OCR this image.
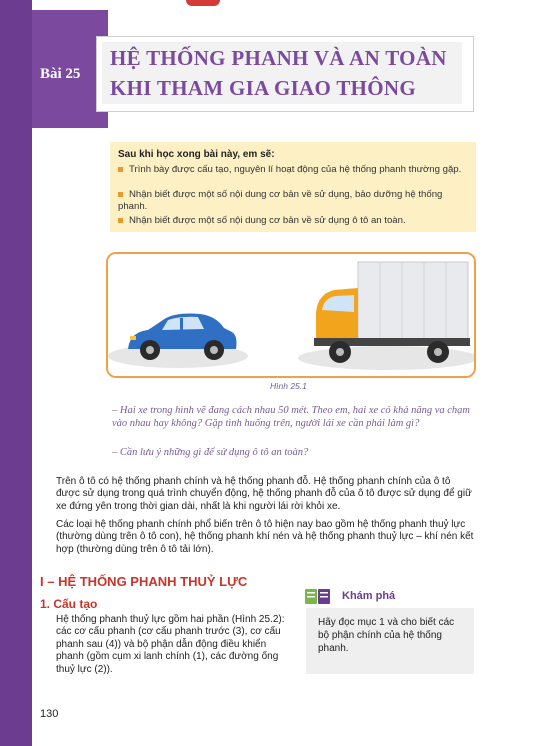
Bài 25
HỆ THỐNG PHANH VÀ AN TOÀN
KHI THAM GIA GIAO THÔNG
Sau khi học xong bài này, em sẽ:
Trình bày được cấu tạo, nguyên lí hoạt động của hệ thống phanh thường gặp.
Nhận biết được một số nội dung cơ bản về sử dụng, bảo dưỡng hệ thống phanh.
Nhận biết được một số nội dung cơ bản về sử dụng ô tô an toàn.
Hình 25.1
– Hai xe trong hình vẽ đang cách nhau 50 mét. Theo em, hai xe có khả năng va chạm vào nhau hay không? Gặp tình huống trên, người lái xe cần phải làm gì?
– Cần lưu ý những gì để sử dụng ô tô an toàn?
Trên ô tô có hệ thống phanh chính và hệ thống phanh đỗ. Hệ thống phanh chính của ô tô được sử dụng trong quá trình chuyển động, hệ thống phanh đỗ của ô tô được sử dụng để giữ xe đứng yên trong thời gian dài, nhất là khi người lái rời khỏi xe.
Các loại hệ thống phanh chính phổ biến trên ô tô hiện nay bao gồm hệ thống phanh thuỷ lực (thường dùng trên ô tô con), hệ thống phanh khí nén và hệ thống phanh thuỷ lực – khí nén kết hợp (thường dùng trên ô tô tải lớn).
I – HỆ THỐNG PHANH THUỶ LỰC
1. Cấu tạo
Hệ thống phanh thuỷ lực gồm hai phần (Hình 25.2): các cơ cấu phanh (cơ cấu phanh trước (3), cơ cấu phanh sau (4)) và bộ phận dẫn động điều khiển phanh (gồm cụm xi lanh chính (1), các đường ống thuỷ lực (2)).
Khám phá
Hãy đọc mục 1 và cho biết các bộ phận chính của hệ thống phanh.
130
